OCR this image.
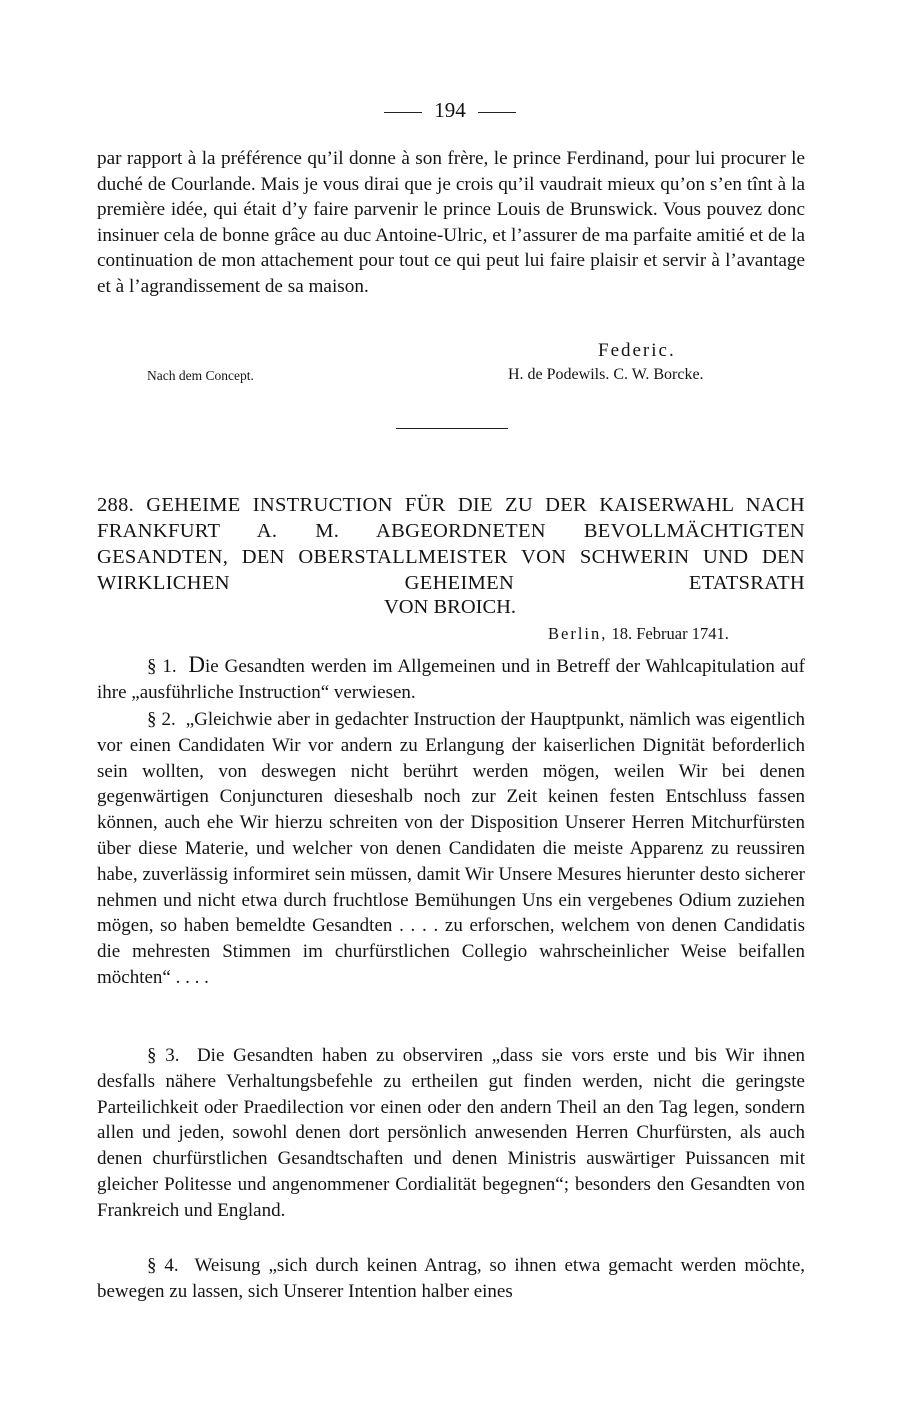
194

par rapport à la préférence qu’il donne à son frère, le prince Ferdinand, pour lui procurer le duché de Courlande. Mais je vous dirai que je crois qu’il vaudrait mieux qu’on s’en tînt à la première idée, qui était d’y faire parvenir le prince Louis de Brunswick. Vous pouvez donc insinuer cela de bonne grâce au duc Antoine-Ulric, et l’assurer de ma parfaite amitié et de la continuation de mon attachement pour tout ce qui peut lui faire plaisir et servir à l’avantage et à l’agrandissement de sa maison.

Federic.
Nach dem Concept.	H. de Podewils. C. W. Borcke.
288. GEHEIME INSTRUCTION FÜR DIE ZU DER KAISERWAHL NACH FRANKFURT A. M. ABGEORDNETEN BEVOLLMÄCHTIGTEN GESANDTEN, DEN OBERSTALLMEISTER VON SCHWERIN UND DEN WIRKLICHEN GEHEIMEN ETATSRATH
VON BROICH.
Berlin, 18. Februar 1741.
§ 1. Die Gesandten werden im Allgemeinen und in Betreff der Wahlcapitulation auf ihre „ausführliche Instruction“ verwiesen.
§ 2. „Gleichwie aber in gedachter Instruction der Hauptpunkt, nämlich was eigentlich vor einen Candidaten Wir vor andern zu Erlangung der kaiserlichen Dignität beforderlich sein wollten, von deswegen nicht berührt werden mögen, weilen Wir bei denen gegenwärtigen Conjuncturen dieseshalb noch zur Zeit keinen festen Entschluss fassen können, auch ehe Wir hierzu schreiten von der Disposition Unserer Herren Mitchurfürsten über diese Materie, und welcher von denen Candidaten die meiste Apparenz zu reussiren habe, zuverlässig informiret sein müssen, damit Wir Unsere Mesures hierunter desto sicherer nehmen und nicht etwa durch fruchtlose Bemühungen Uns ein vergebenes Odium zuziehen mögen, so haben bemeldte Gesandten . . . . zu erforschen, welchem von denen Candidatis die mehresten Stimmen im churfürstlichen Collegio wahrscheinlicher Weise beifallen möchten“ . . . .
§ 3. Die Gesandten haben zu observiren „dass sie vors erste und bis Wir ihnen desfalls nähere Verhaltungsbefehle zu ertheilen gut finden werden, nicht die geringste Parteilichkeit oder Praedilection vor einen oder den andern Theil an den Tag legen, sondern allen und jeden, sowohl denen dort persönlich anwesenden Herren Churfürsten, als auch denen churfürstlichen Gesandtschaften und denen Ministris auswärtiger Puissancen mit gleicher Politesse und angenommener Cordialität begegnen“; besonders den Gesandten von Frankreich und England.
§ 4. Weisung „sich durch keinen Antrag, so ihnen etwa gemacht werden möchte, bewegen zu lassen, sich Unserer Intention halber eines
